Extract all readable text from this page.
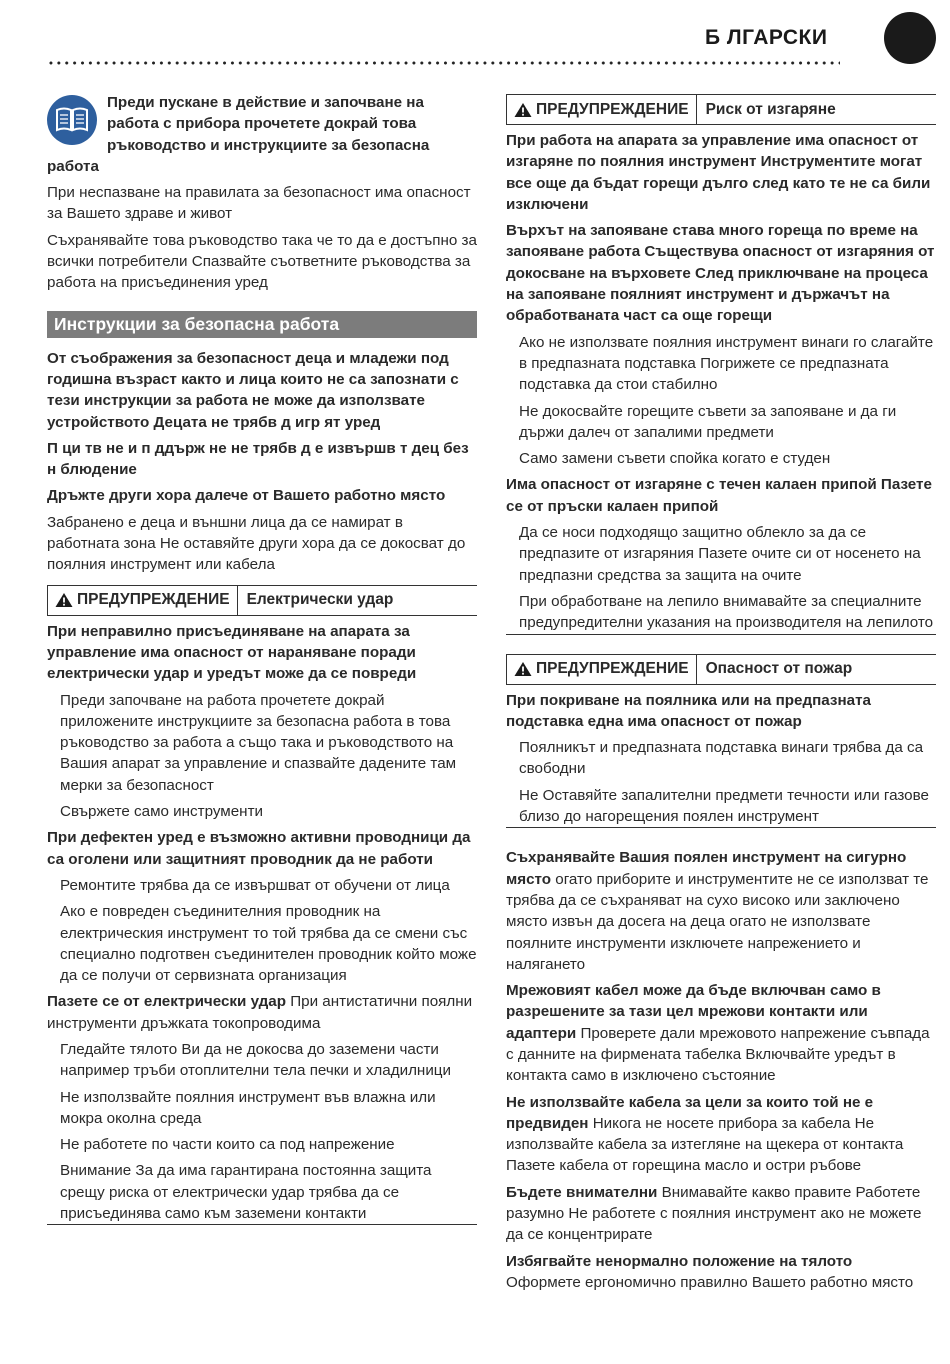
Б ЛГАРСКИ

Преди пускане в действие и започване на работа с прибора прочетете докрай това ръководство и инструкциите за безопасна работа

При неспазване на правилата за безопасност има опасност за Вашето здраве и живот

Съхранявайте това ръководство така че то да е достъпно за всички потребители Спазвайте съответните ръководства за работа на присъединения уред

Инструкции за безопасна работа

От съображения за безопасност деца и младежи под годишна възраст както и лица които не са запознати с тези инструкции за работа не може да използвате устройството Децата не трябв д игр ят уред

П ци тв не и п ддърж не не трябв д е извършв т дец без н блюдение

Дръжте други хора далече от Вашето работно място

Забранено е деца и външни лица да се намират в работната зона Не оставяйте други хора да се докосват до поялния инструмент или кабела

ПРЕДУПРЕЖДЕНИЕ	Електрически удар

При неправилно присъединяване на апарата за управление има опасност от нараняване поради електрически удар и уредът може да се повреди

Преди започване на работа прочетете докрай приложените инструкциите за безопасна работа в това ръководство за работа а също така и ръководството на Вашия апарат за управление и спазвайте дадените там мерки за безопасност

Свържете само инструменти

При дефектен уред е възможно активни проводници да са оголени или защитният проводник да не работи

Ремонтите трябва да се извършват от обучени от лица

Ако е повреден съединителния проводник на електрическия инструмент то той трябва да се смени със специално подготвен съединителен проводник който може да се получи от сервизната организация

Пазете се от електрически удар При антистатични поялни инструменти дръжката токопроводима

Гледайте тялото Ви да не докосва до заземени части например тръби отоплителни тела печки и хладилници

Не използвайте поялния инструмент във влажна или мокра околна среда

Не работете по части които са под напрежение

Внимание За да има гарантирана постоянна защита срещу риска от електрически удар трябва да се присъединява само към заземени контакти

ПРЕДУПРЕЖДЕНИЕ	Риск от изгаряне

При работа на апарата за управление има опасност от изгаряне по поялния инструмент Инструментите могат все още да бъдат горещи дълго след като те не са били изключени

Върхът на запояване става много гореща по време на запояване работа Съществува опасност от изгаряния от докосване на върховете След приключване на процеса на запояване поялният инструмент и държачът на обработваната част са още горещи

Ако не използвате поялния инструмент винаги го слагайте в предпазната подставка Погрижете се предпазната подставка да стои стабилно

Не докосвайте горещите съвети за запояване и да ги държи далеч от запалими предмети

Само замени съвети спойка когато е студен

Има опасност от изгаряне с течен калаен припой Пазете се от пръски калаен припой

Да се носи подходящо защитно облекло за да се предпазите от изгаряния Пазете очите си от носенето на предпазни средства за защита на очите

При обработване на лепило внимавайте за специалните предупредителни указания на производителя на лепилото

ПРЕДУПРЕЖДЕНИЕ	Опасност от пожар

При покриване на поялника или на предпазната подставка една има опасност от пожар

Поялникът и предпазната подставка винаги трябва да са свободни

Не Оставяйте запалителни предмети течности или газове близо до нагорещения поялен инструмент

Съхранявайте Вашия поялен инструмент на сигурно място огато приборите и инструментите не се използват те трябва да се съхраняват на сухо високо или заключено място извън да досега на деца огато не използвате поялните инструменти изключете напрежението и налягането

Мрежовият кабел може да бъде включван само в разрешените за тази цел мрежови контакти или адаптери Проверете дали мрежовото напрежение съвпада с данните на фирмената табелка Включвайте уредът в контакта само в изключено състояние

Не използвайте кабела за цели за които той не е предвиден Никога не носете прибора за кабела Не използвайте кабела за изтегляне на щекера от контакта Пазете кабела от горещина масло и остри ръбове

Бъдете внимателни Внимавайте какво правите Работете разумно Не работете с поялния инструмент ако не можете да се концентрирате

Избягвайте ненормално положение на тялото
Оформете ергономично правилно Вашето работно място
